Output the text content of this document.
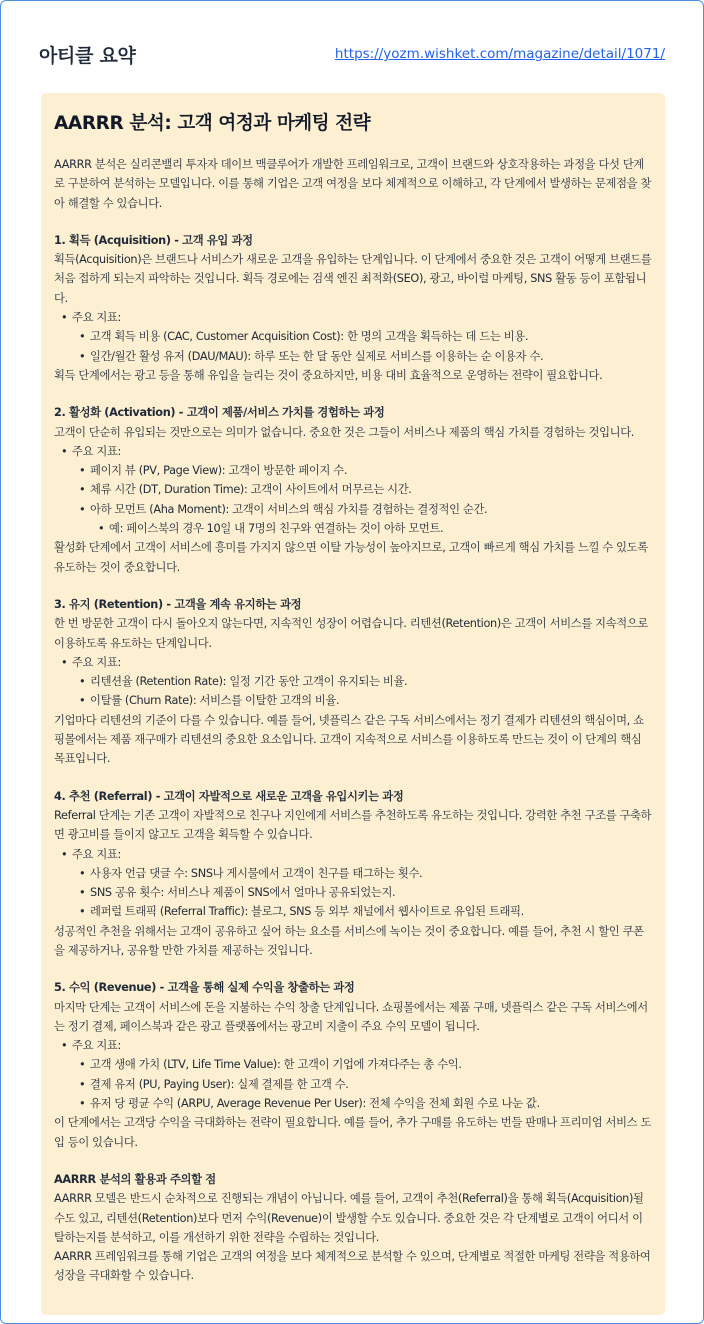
아티클 요약	https://yozm.wishket.com/magazine/detail/1071/
AARRR 분석: 고객 여정과 마케팅 전략
AARRR 분석은 실리콘밸리 투자자 데이브 맥클루어가 개발한 프레임워크로, 고객이 브랜드와 상호작용하는 과정을 다섯 단계로 구분하여 분석하는 모델입니다. 이를 통해 기업은 고객 여정을 보다 체계적으로 이해하고, 각 단계에서 발생하는 문제점을 찾아 해결할 수 있습니다.
1. 획득 (Acquisition) - 고객 유입 과정
획득(Acquisition)은 브랜드나 서비스가 새로운 고객을 유입하는 단계입니다. 이 단계에서 중요한 것은 고객이 어떻게 브랜드를 처음 접하게 되는지 파악하는 것입니다. 획득 경로에는 검색 엔진 최적화(SEO), 광고, 바이럴 마케팅, SNS 활동 등이 포함됩니다.
• 주요 지표:
• 고객 획득 비용 (CAC, Customer Acquisition Cost): 한 명의 고객을 획득하는 데 드는 비용.
• 일간/월간 활성 유저 (DAU/MAU): 하루 또는 한 달 동안 실제로 서비스를 이용하는 순 이용자 수.
획득 단계에서는 광고 등을 통해 유입을 늘리는 것이 중요하지만, 비용 대비 효율적으로 운영하는 전략이 필요합니다.
2. 활성화 (Activation) - 고객이 제품/서비스 가치를 경험하는 과정
고객이 단순히 유입되는 것만으로는 의미가 없습니다. 중요한 것은 그들이 서비스나 제품의 핵심 가치를 경험하는 것입니다.
• 주요 지표:
• 페이지 뷰 (PV, Page View): 고객이 방문한 페이지 수.
• 체류 시간 (DT, Duration Time): 고객이 사이트에서 머무르는 시간.
• 아하 모먼트 (Aha Moment): 고객이 서비스의 핵심 가치를 경험하는 결정적인 순간.
• 예: 페이스북의 경우 10일 내 7명의 친구와 연결하는 것이 아하 모먼트.
활성화 단계에서 고객이 서비스에 흥미를 가지지 않으면 이탈 가능성이 높아지므로, 고객이 빠르게 핵심 가치를 느낄 수 있도록 유도하는 것이 중요합니다.
3. 유지 (Retention) - 고객을 계속 유지하는 과정
한 번 방문한 고객이 다시 돌아오지 않는다면, 지속적인 성장이 어렵습니다. 리텐션(Retention)은 고객이 서비스를 지속적으로 이용하도록 유도하는 단계입니다.
• 주요 지표:
• 리텐션율 (Retention Rate): 일정 기간 동안 고객이 유지되는 비율.
• 이탈률 (Churn Rate): 서비스를 이탈한 고객의 비율.
기업마다 리텐션의 기준이 다를 수 있습니다. 예를 들어, 넷플릭스 같은 구독 서비스에서는 정기 결제가 리텐션의 핵심이며, 쇼핑몰에서는 제품 재구매가 리텐션의 중요한 요소입니다. 고객이 지속적으로 서비스를 이용하도록 만드는 것이 이 단계의 핵심 목표입니다.
4. 추천 (Referral) - 고객이 자발적으로 새로운 고객을 유입시키는 과정
Referral 단계는 기존 고객이 자발적으로 친구나 지인에게 서비스를 추천하도록 유도하는 것입니다. 강력한 추천 구조를 구축하면 광고비를 들이지 않고도 고객을 획득할 수 있습니다.
• 주요 지표:
• 사용자 언급 댓글 수: SNS나 게시물에서 고객이 친구를 태그하는 횟수.
• SNS 공유 횟수: 서비스나 제품이 SNS에서 얼마나 공유되었는지.
• 레퍼럴 트래픽 (Referral Traffic): 블로그, SNS 등 외부 채널에서 웹사이트로 유입된 트래픽.
성공적인 추천을 위해서는 고객이 공유하고 싶어 하는 요소를 서비스에 녹이는 것이 중요합니다. 예를 들어, 추천 시 할인 쿠폰을 제공하거나, 공유할 만한 가치를 제공하는 것입니다.
5. 수익 (Revenue) - 고객을 통해 실제 수익을 창출하는 과정
마지막 단계는 고객이 서비스에 돈을 지불하는 수익 창출 단계입니다. 쇼핑몰에서는 제품 구매, 넷플릭스 같은 구독 서비스에서는 정기 결제, 페이스북과 같은 광고 플랫폼에서는 광고비 지출이 주요 수익 모델이 됩니다.
• 주요 지표:
• 고객 생애 가치 (LTV, Life Time Value): 한 고객이 기업에 가져다주는 총 수익.
• 결제 유저 (PU, Paying User): 실제 결제를 한 고객 수.
• 유저 당 평균 수익 (ARPU, Average Revenue Per User): 전체 수익을 전체 회원 수로 나눈 값.
이 단계에서는 고객당 수익을 극대화하는 전략이 필요합니다. 예를 들어, 추가 구매를 유도하는 번들 판매나 프리미엄 서비스 도입 등이 있습니다.
AARRR 분석의 활용과 주의할 점
AARRR 모델은 반드시 순차적으로 진행되는 개념이 아닙니다. 예를 들어, 고객이 추천(Referral)을 통해 획득(Acquisition)될 수도 있고, 리텐션(Retention)보다 먼저 수익(Revenue)이 발생할 수도 있습니다. 중요한 것은 각 단계별로 고객이 어디서 이탈하는지를 분석하고, 이를 개선하기 위한 전략을 수립하는 것입니다.
AARRR 프레임워크를 통해 기업은 고객의 여정을 보다 체계적으로 분석할 수 있으며, 단계별로 적절한 마케팅 전략을 적용하여 성장을 극대화할 수 있습니다.
